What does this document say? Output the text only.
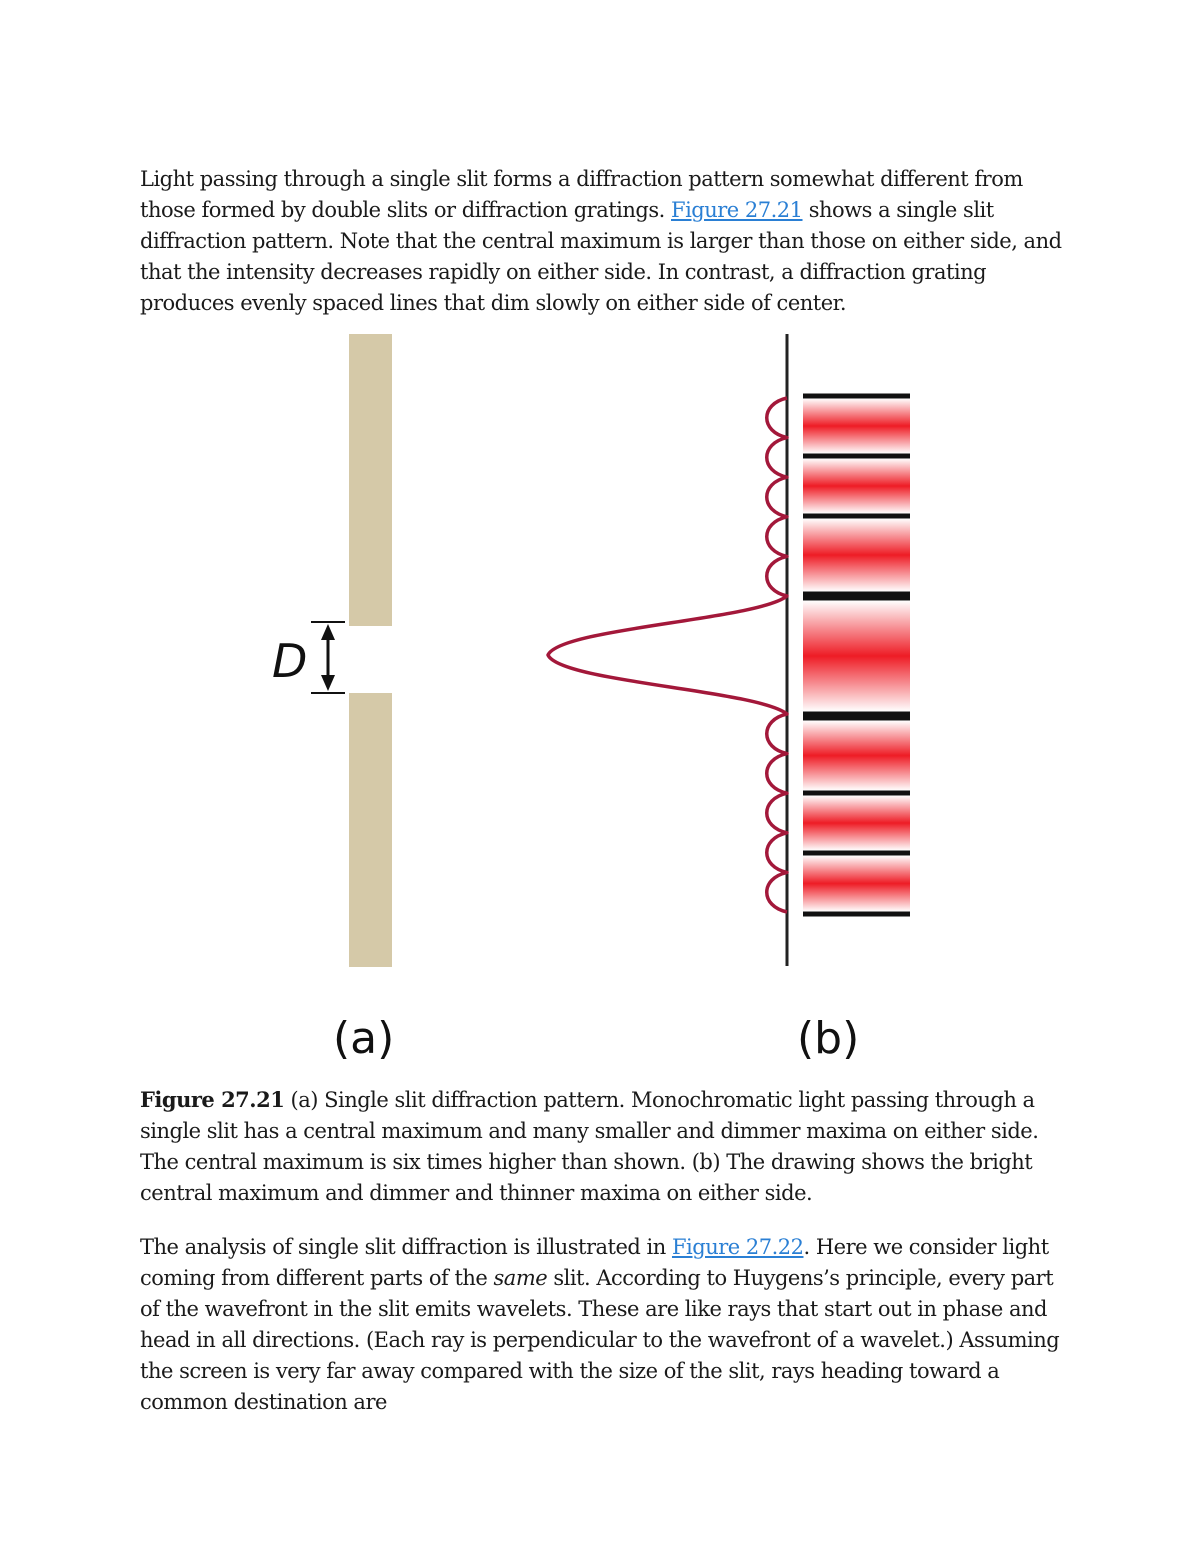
Light passing through a single slit forms a diffraction pattern somewhat different from those formed by double slits or diffraction gratings. Figure 27.21 shows a single slit diffraction pattern. Note that the central maximum is larger than those on either side, and that the intensity decreases rapidly on either side. In contrast, a diffraction grating produces evenly spaced lines that dim slowly on either side of center.

D
(a)	(b)

Figure 27.21 (a) Single slit diffraction pattern. Monochromatic light passing through a single slit has a central maximum and many smaller and dimmer maxima on either side. The central maximum is six times higher than shown. (b) The drawing shows the bright central maximum and dimmer and thinner maxima on either side.

The analysis of single slit diffraction is illustrated in Figure 27.22. Here we consider light coming from different parts of the same slit. According to Huygens’s principle, every part of the wavefront in the slit emits wavelets. These are like rays that start out in phase and head in all directions. (Each ray is perpendicular to the wavefront of a wavelet.) Assuming the screen is very far away compared with the size of the slit, rays heading toward a common destination are
